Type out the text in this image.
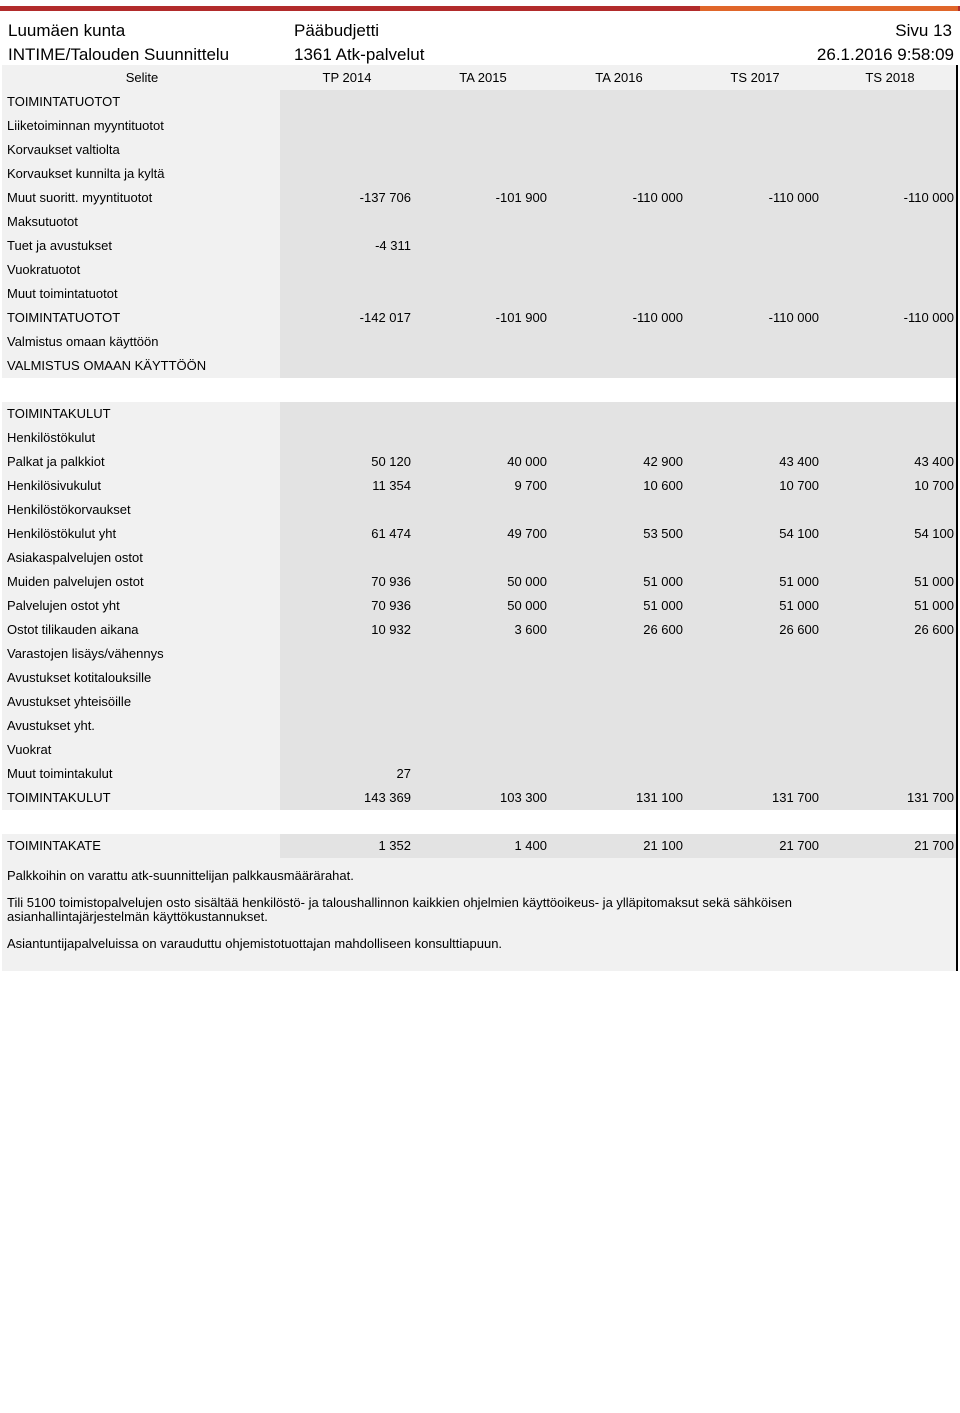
Luumäen kunta	Pääbudjetti	Sivu 13
INTIME/Talouden Suunnittelu	1361 Atk-palvelut	26.1.2016 9:58:09
Selite	TP 2014	TA 2015	TA 2016	TS 2017	TS 2018
TOIMINTATUOTOT
Liiketoiminnan myyntituotot
Korvaukset valtiolta
Korvaukset kunnilta ja kyltä
Muut suoritt. myyntituotot	-137 706	-101 900	-110 000	-110 000	-110 000
Maksutuotot
Tuet ja avustukset	-4 311
Vuokratuotot
Muut toimintatuotot
TOIMINTATUOTOT	-142 017	-101 900	-110 000	-110 000	-110 000
Valmistus omaan käyttöön
VALMISTUS OMAAN KÄYTTÖÖN
TOIMINTAKULUT
Henkilöstökulut
Palkat ja palkkiot	50 120	40 000	42 900	43 400	43 400
Henkilösivukulut	11 354	9 700	10 600	10 700	10 700
Henkilöstökorvaukset
Henkilöstökulut yht	61 474	49 700	53 500	54 100	54 100
Asiakaspalvelujen ostot
Muiden palvelujen ostot	70 936	50 000	51 000	51 000	51 000
Palvelujen ostot yht	70 936	50 000	51 000	51 000	51 000
Ostot tilikauden aikana	10 932	3 600	26 600	26 600	26 600
Varastojen lisäys/vähennys
Avustukset kotitalouksille
Avustukset yhteisöille
Avustukset yht.
Vuokrat
Muut toimintakulut	27
TOIMINTAKULUT	143 369	103 300	131 100	131 700	131 700
TOIMINTAKATE	1 352	1 400	21 100	21 700	21 700
Palkkoihin on varattu atk-suunnittelijan palkkausmäärärahat.
Tili 5100 toimistopalvelujen osto sisältää henkilöstö- ja taloushallinnon kaikkien ohjelmien käyttöoikeus- ja ylläpitomaksut sekä sähköisen asianhallintajärjestelmän käyttökustannukset.
Asiantuntijapalveluissa on varauduttu ohjemistotuottajan mahdolliseen konsulttiapuun.
